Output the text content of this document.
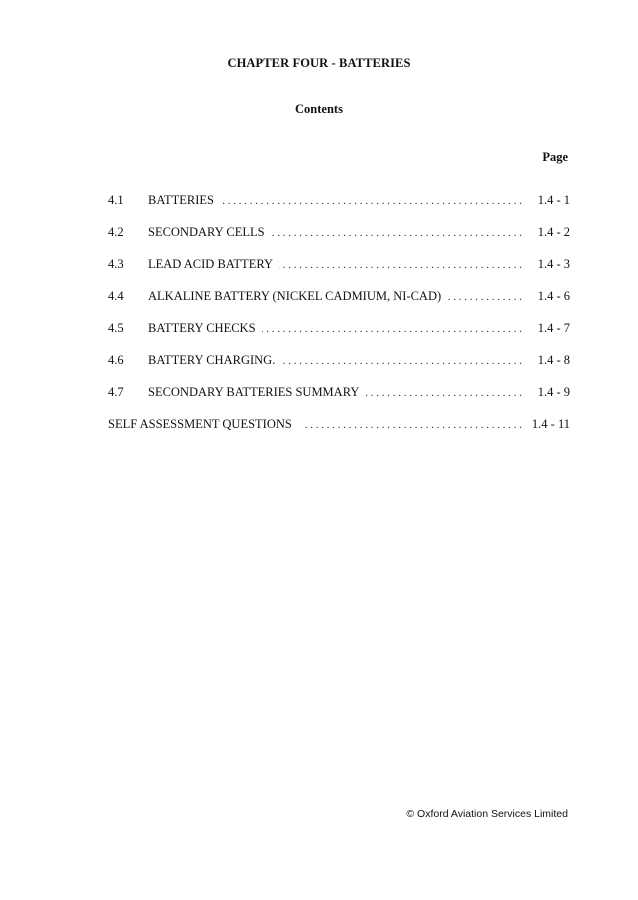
CHAPTER FOUR - BATTERIES
Contents
Page
4.1	BATTERIES . . .	1.4 - 1
4.2	SECONDARY CELLS . . .	1.4 - 2
4.3	LEAD ACID BATTERY . . .	1.4 - 3
4.4	ALKALINE BATTERY (NICKEL CADMIUM, NI-CAD) . . .	1.4 - 6
4.5	BATTERY CHECKS . . .	1.4 - 7
4.6	BATTERY CHARGING. . . .	1.4 - 8
4.7	SECONDARY BATTERIES SUMMARY . . .	1.4 - 9
SELF ASSESSMENT QUESTIONS . . .	1.4 - 11
© Oxford Aviation Services Limited
